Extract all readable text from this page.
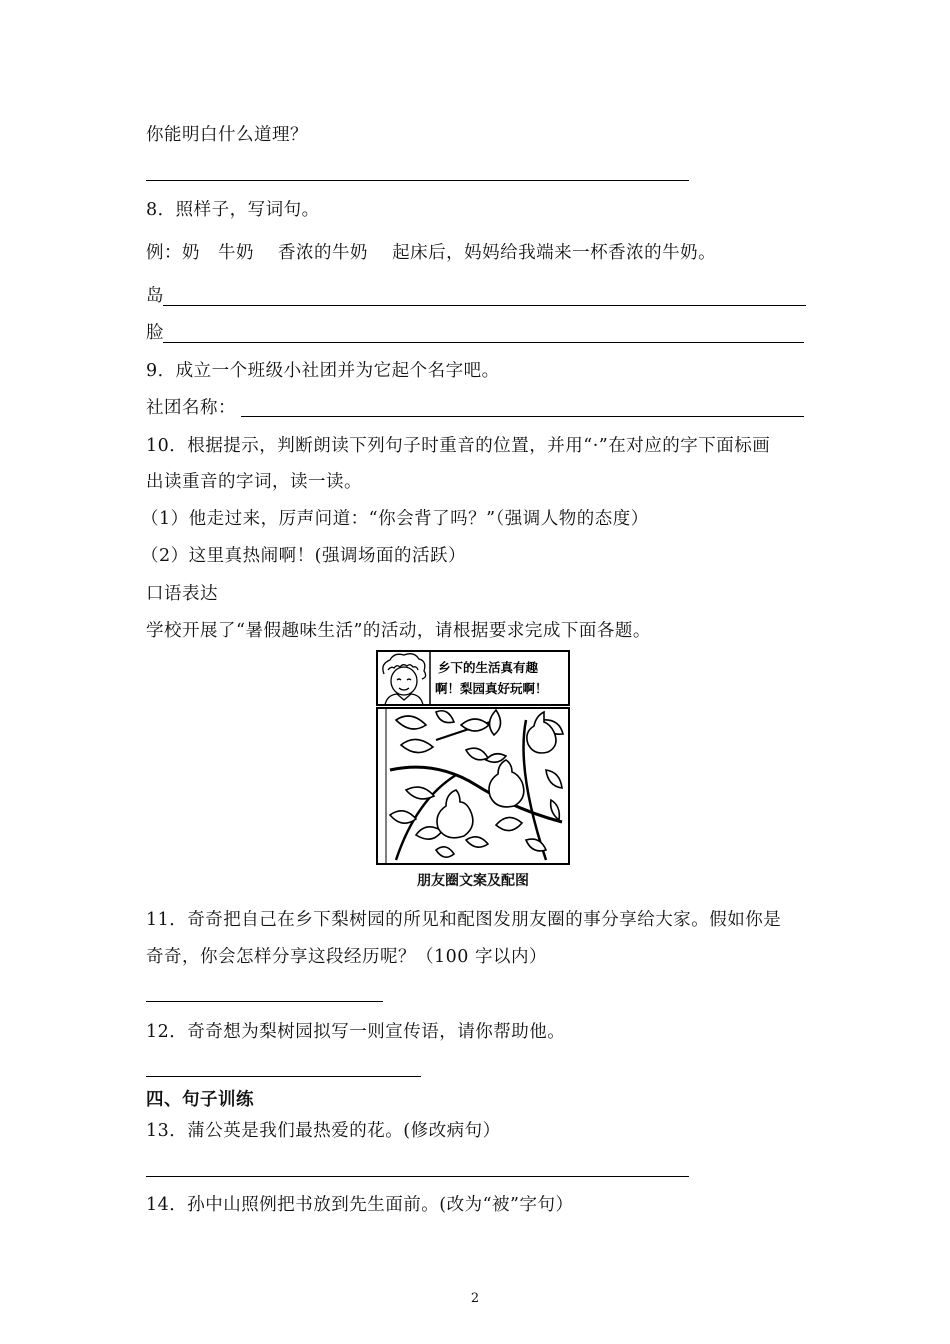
你能明白什么道理？
8．照样子，写词句。
例：奶　牛奶　 香浓的牛奶　 起床后，妈妈给我端来一杯香浓的牛奶。
岛
脸
9．成立一个班级小社团并为它起个名字吧。
社团名称：
10．根据提示，判断朗读下列句子时重音的位置，并用“·”在对应的字下面标画
出读重音的字词，读一读。
（1）他走过来，厉声问道：“你会背了吗？”（强调人物的态度）
（2）这里真热闹啊！(强调场面的活跃）
口语表达
学校开展了“暑假趣味生活”的活动，请根据要求完成下面各题。
乡下的生活真有趣
啊！梨园真好玩啊！
朋友圈文案及配图
11．奇奇把自己在乡下梨树园的所见和配图发朋友圈的事分享给大家。假如你是
奇奇，你会怎样分享这段经历呢？（100 字以内）
12．奇奇想为梨树园拟写一则宣传语，请你帮助他。
四、句子训练
13．蒲公英是我们最热爱的花。(修改病句）
14．孙中山照例把书放到先生面前。(改为“被”字句）
2
